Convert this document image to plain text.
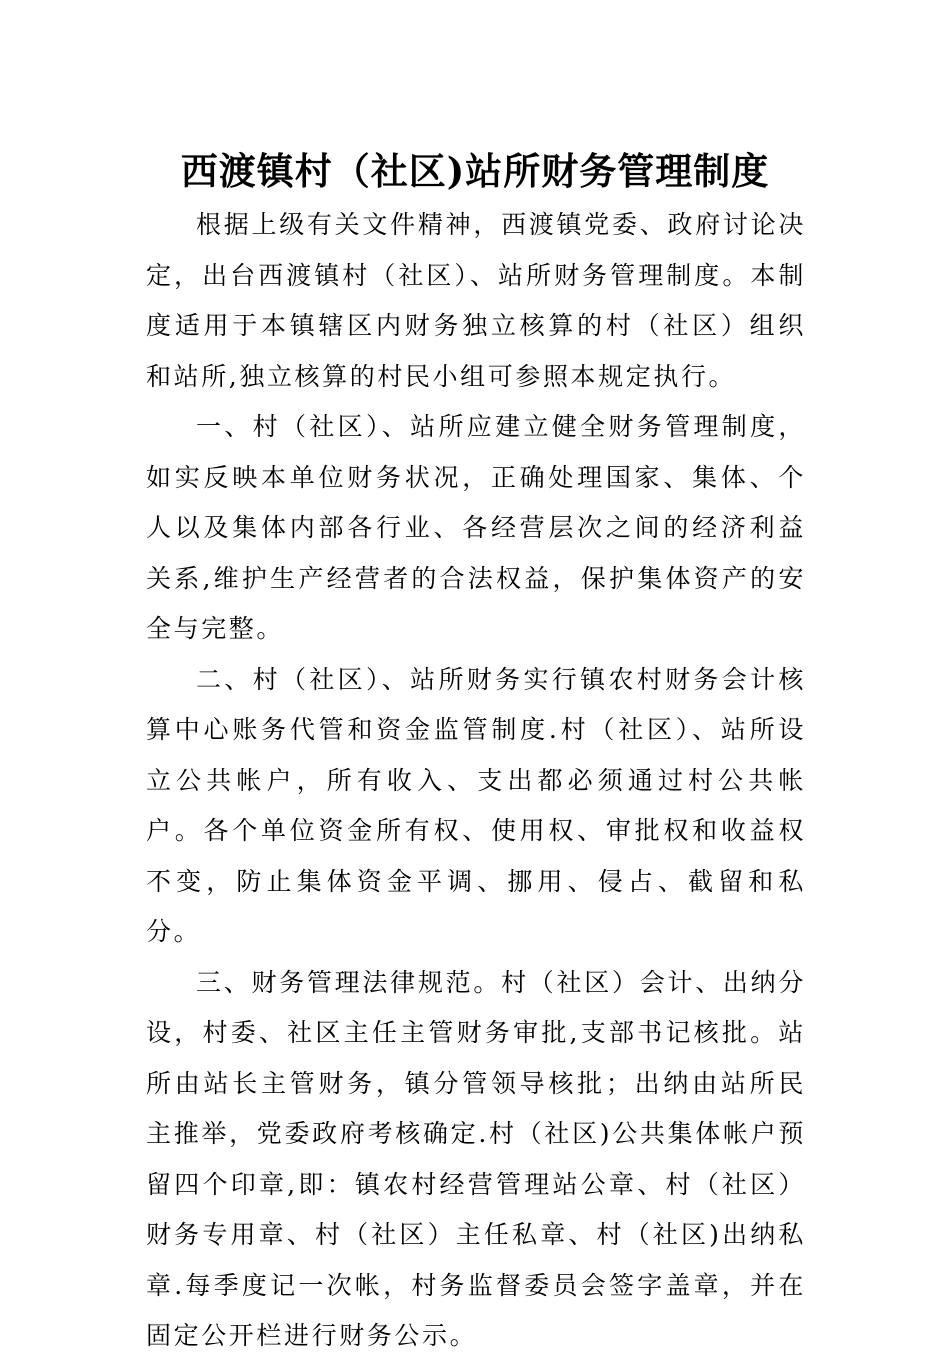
西渡镇村（社区)站所财务管理制度

根据上级有关文件精神，西渡镇党委、政府讨论决定，出台西渡镇村（社区）、站所财务管理制度。本制度适用于本镇辖区内财务独立核算的村（社区）组织和站所,独立核算的村民小组可参照本规定执行。

一、村（社区）、站所应建立健全财务管理制度，如实反映本单位财务状况，正确处理国家、集体、个人以及集体内部各行业、各经营层次之间的经济利益关系,维护生产经营者的合法权益，保护集体资产的安全与完整。

二、村（社区）、站所财务实行镇农村财务会计核算中心账务代管和资金监管制度.村（社区）、站所设立公共帐户，所有收入、支出都必须通过村公共帐户。各个单位资金所有权、使用权、审批权和收益权不变，防止集体资金平调、挪用、侵占、截留和私分。

三、财务管理法律规范。村（社区）会计、出纳分设，村委、社区主任主管财务审批,支部书记核批。站所由站长主管财务，镇分管领导核批；出纳由站所民主推举，党委政府考核确定.村（社区)公共集体帐户预留四个印章,即：镇农村经营管理站公章、村（社区）财务专用章、村（社区）主任私章、村（社区)出纳私章.每季度记一次帐，村务监督委员会签字盖章，并在固定公开栏进行财务公示。
